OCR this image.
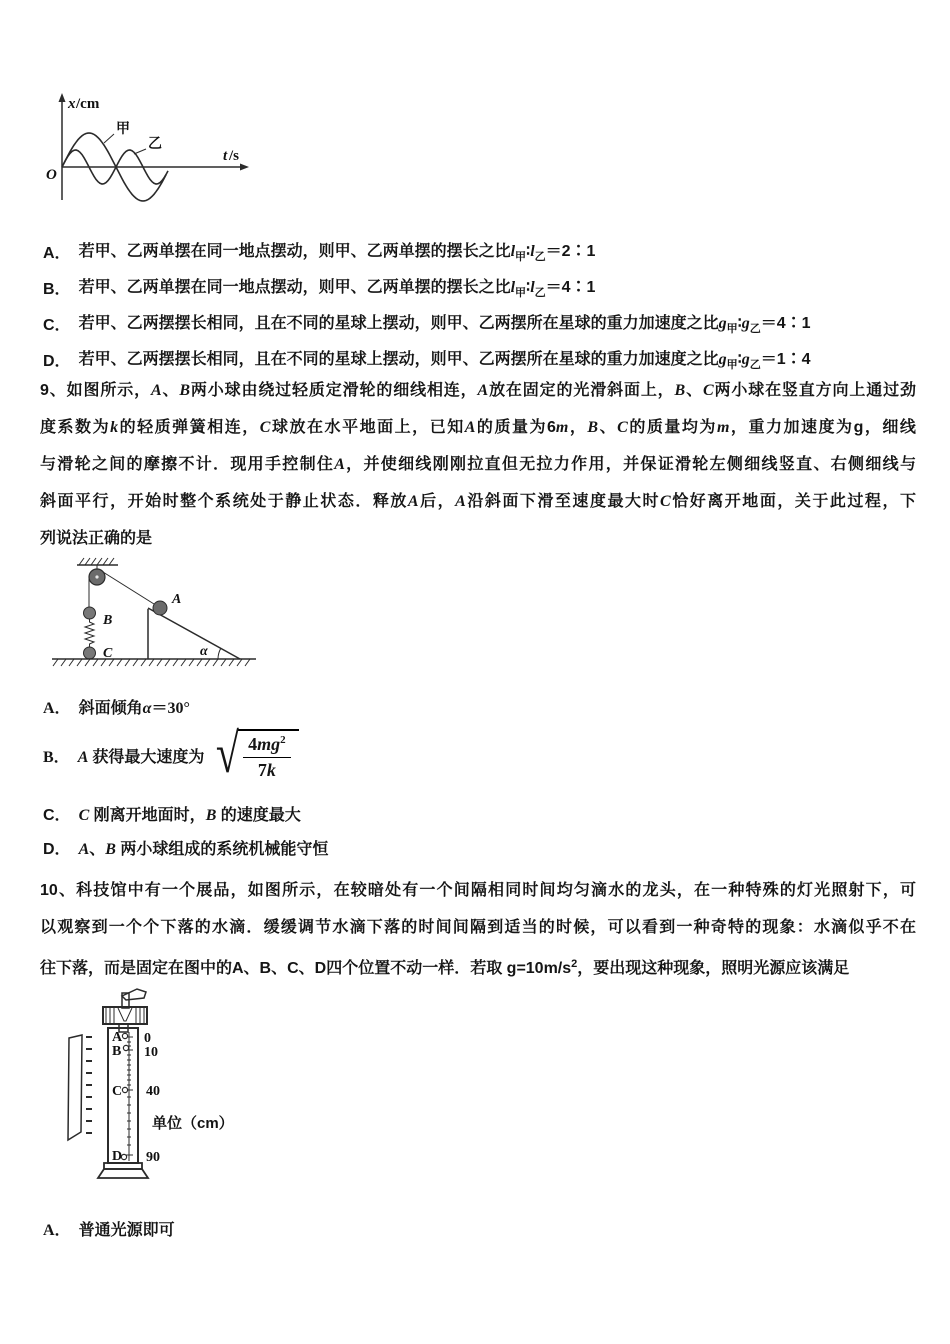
x /cm
t /s
O
甲
乙
A． 若甲、乙两单摆在同一地点摆动，则甲、乙两单摆的摆长之比$l_甲∶l_乙=2∶1$
B． 若甲、乙两单摆在同一地点摆动，则甲、乙两单摆的摆长之比$l_甲∶l_乙=4∶1$
C． 若甲、乙两摆摆长相同，且在不同的星球上摆动，则甲、乙两摆所在星球的重力加速度之比$g_甲∶g_乙=4∶1$
D． 若甲、乙两摆摆长相同，且在不同的星球上摆动，则甲、乙两摆所在星球的重力加速度之比$g_甲∶g_乙=1∶4$
9、如图所示，A、B两小球由绕过轻质定滑轮的细线相连，A放在固定的光滑斜面上，B、C两小球在竖直方向上通过劲
度系数为k的轻质弹簧相连，C球放在水平地面上，已知A的质量为6m，B、C的质量均为m，重力加速度为g，细线
与滑轮之间的摩擦不计．现用手控制住A，并使细线刚刚拉直但无拉力作用，并保证滑轮左侧细线竖直、右侧细线与
斜面平行，开始时整个系统处于静止状态．释放A后，A沿斜面下滑至速度最大时C恰好离开地面，关于此过程，下
列说法正确的是
B
C
A
α
A． 斜面倾角α＝30°
B． A 获得最大速度为 √ $\frac{4mg^2}{7k}$
C． C 刚离开地面时，B 的速度最大
D． A、B 两小球组成的系统机械能守恒
10、科技馆中有一个展品，如图所示，在较暗处有一个间隔相同时间均匀滴水的龙头，在一种特殊的灯光照射下，可
以观察到一个个下落的水滴．缓缓调节水滴下落的时间间隔到适当的时候，可以看到一种奇特的现象：水滴似乎不在
往下落，而是固定在图中的A、B、C、D四个位置不动一样．若取 $g=10m/s^2$，要出现这种现象，照明光源应该满足
A
B
C
D
0
10
40
90
单位（cm）
A． 普通光源即可
